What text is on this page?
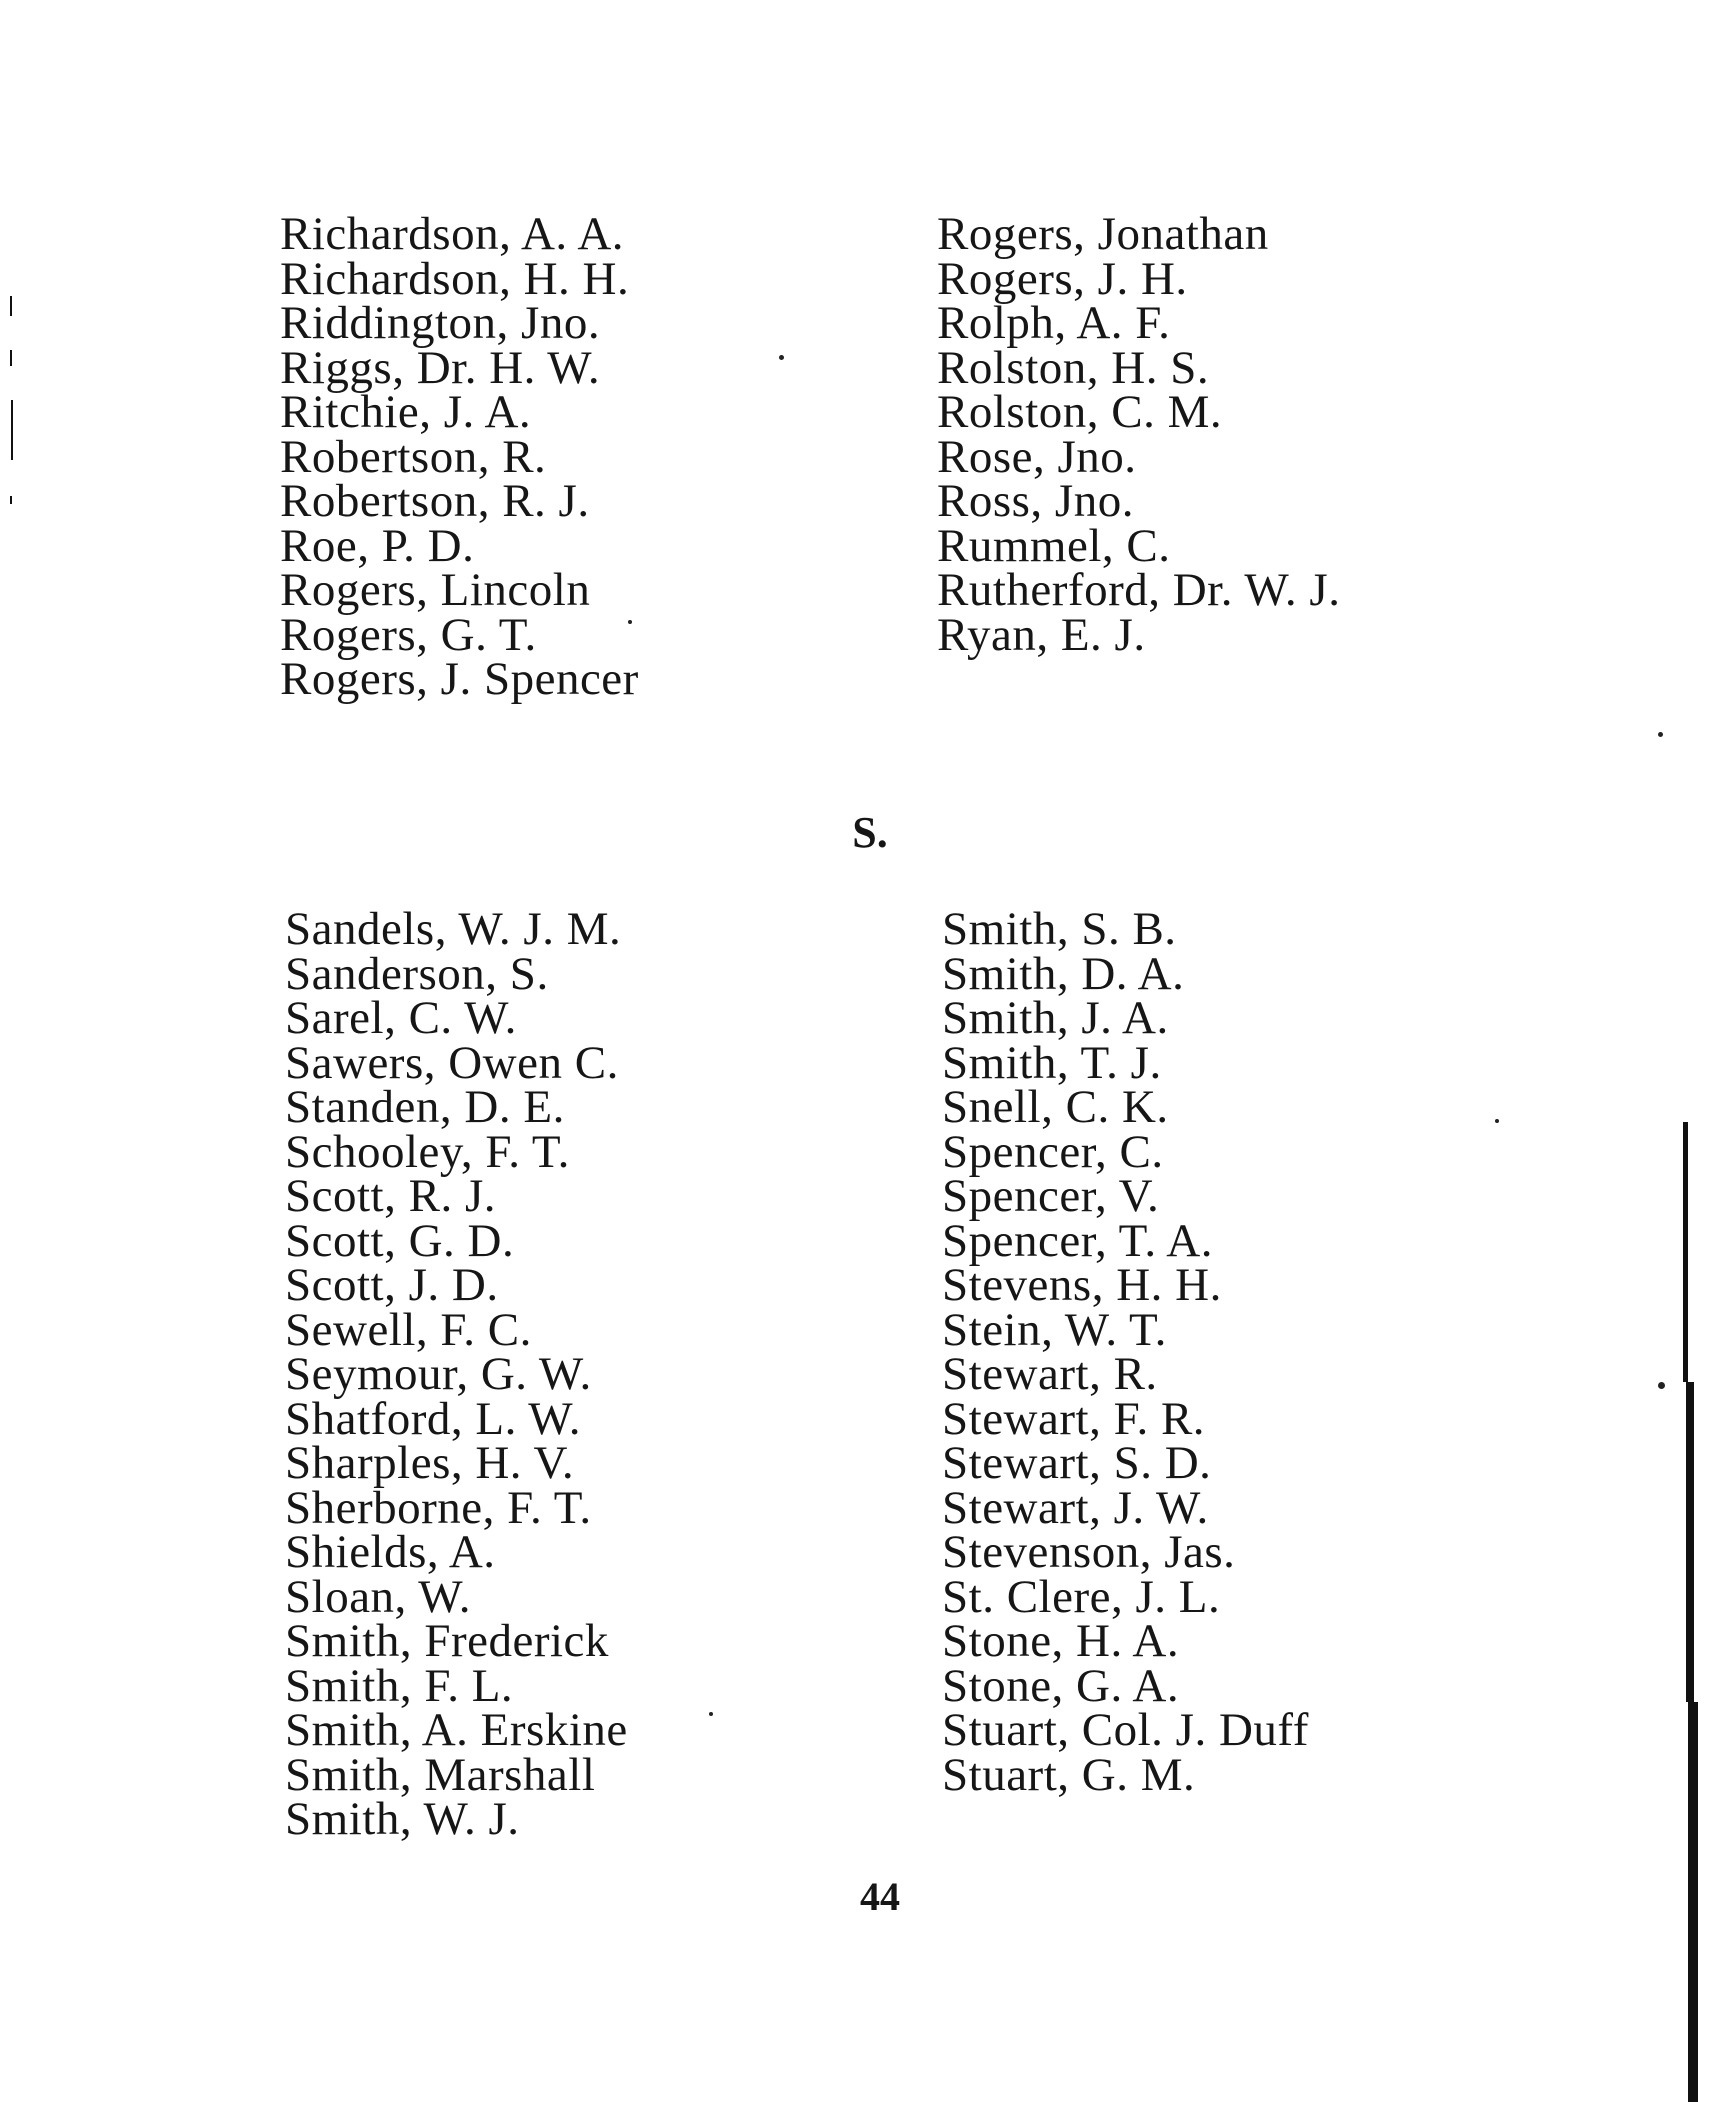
Richardson, A. A.
Richardson, H. H.
Riddington, Jno.
Riggs, Dr. H. W.
Ritchie, J. A.
Robertson, R.
Robertson, R. J.
Roe, P. D.
Rogers, Lincoln
Rogers, G. T.
Rogers, J. Spencer
Rogers, Jonathan
Rogers, J. H.
Rolph, A. F.
Rolston, H. S.
Rolston, C. M.
Rose, Jno.
Ross, Jno.
Rummel, C.
Rutherford, Dr. W. J.
Ryan, E. J.
S.
Sandels, W. J. M.
Sanderson, S.
Sarel, C. W.
Sawers, Owen C.
Standen, D. E.
Schooley, F. T.
Scott, R. J.
Scott, G. D.
Scott, J. D.
Sewell, F. C.
Seymour, G. W.
Shatford, L. W.
Sharples, H. V.
Sherborne, F. T.
Shields, A.
Sloan, W.
Smith, Frederick
Smith, F. L.
Smith, A. Erskine
Smith, Marshall
Smith, W. J.
Smith, S. B.
Smith, D. A.
Smith, J. A.
Smith, T. J.
Snell, C. K.
Spencer, C.
Spencer, V.
Spencer, T. A.
Stevens, H. H.
Stein, W. T.
Stewart, R.
Stewart, F. R.
Stewart, S. D.
Stewart, J. W.
Stevenson, Jas.
St. Clere, J. L.
Stone, H. A.
Stone, G. A.
Stuart, Col. J. Duff
Stuart, G. M.
44
